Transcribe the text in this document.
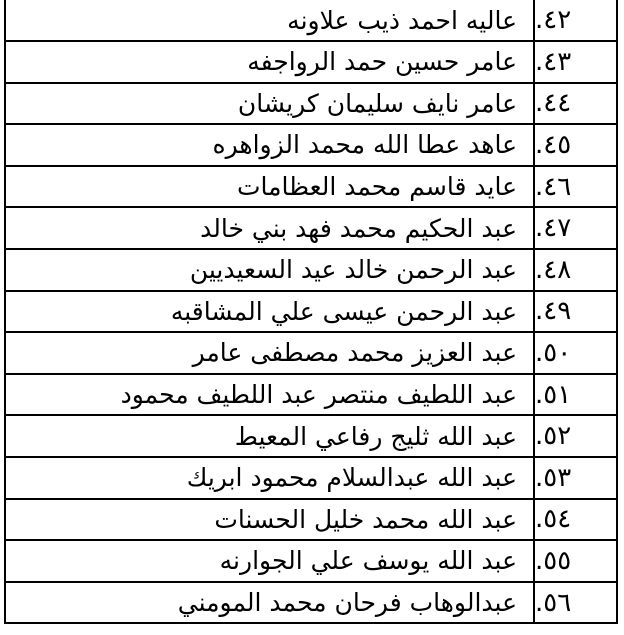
٤٢.
عاليه احمد ذيب علاونه
٤٣.
عامر حسين حمد الرواجفه
٤٤.
عامر نايف سليمان كريشان
٤٥.
عاهد عطا الله محمد الزواهره
٤٦.
عايد قاسم محمد العظامات
٤٧.
عبد الحكيم محمد فهد بني خالد
٤٨.
عبد الرحمن خالد عيد السعيديين
٤٩.
عبد الرحمن عيسى علي المشاقبه
٥٠.
عبد العزيز محمد مصطفى عامر
٥١.
عبد اللطيف منتصر عبد اللطيف محمود
٥٢.
عبد الله ثليج رفاعي المعيط
٥٣.
عبد الله عبدالسلام محمود ابريك
٥٤.
عبد الله محمد خليل الحسنات
٥٥.
عبد الله يوسف علي الجوارنه
٥٦.
عبدالوهاب فرحان محمد المومني
